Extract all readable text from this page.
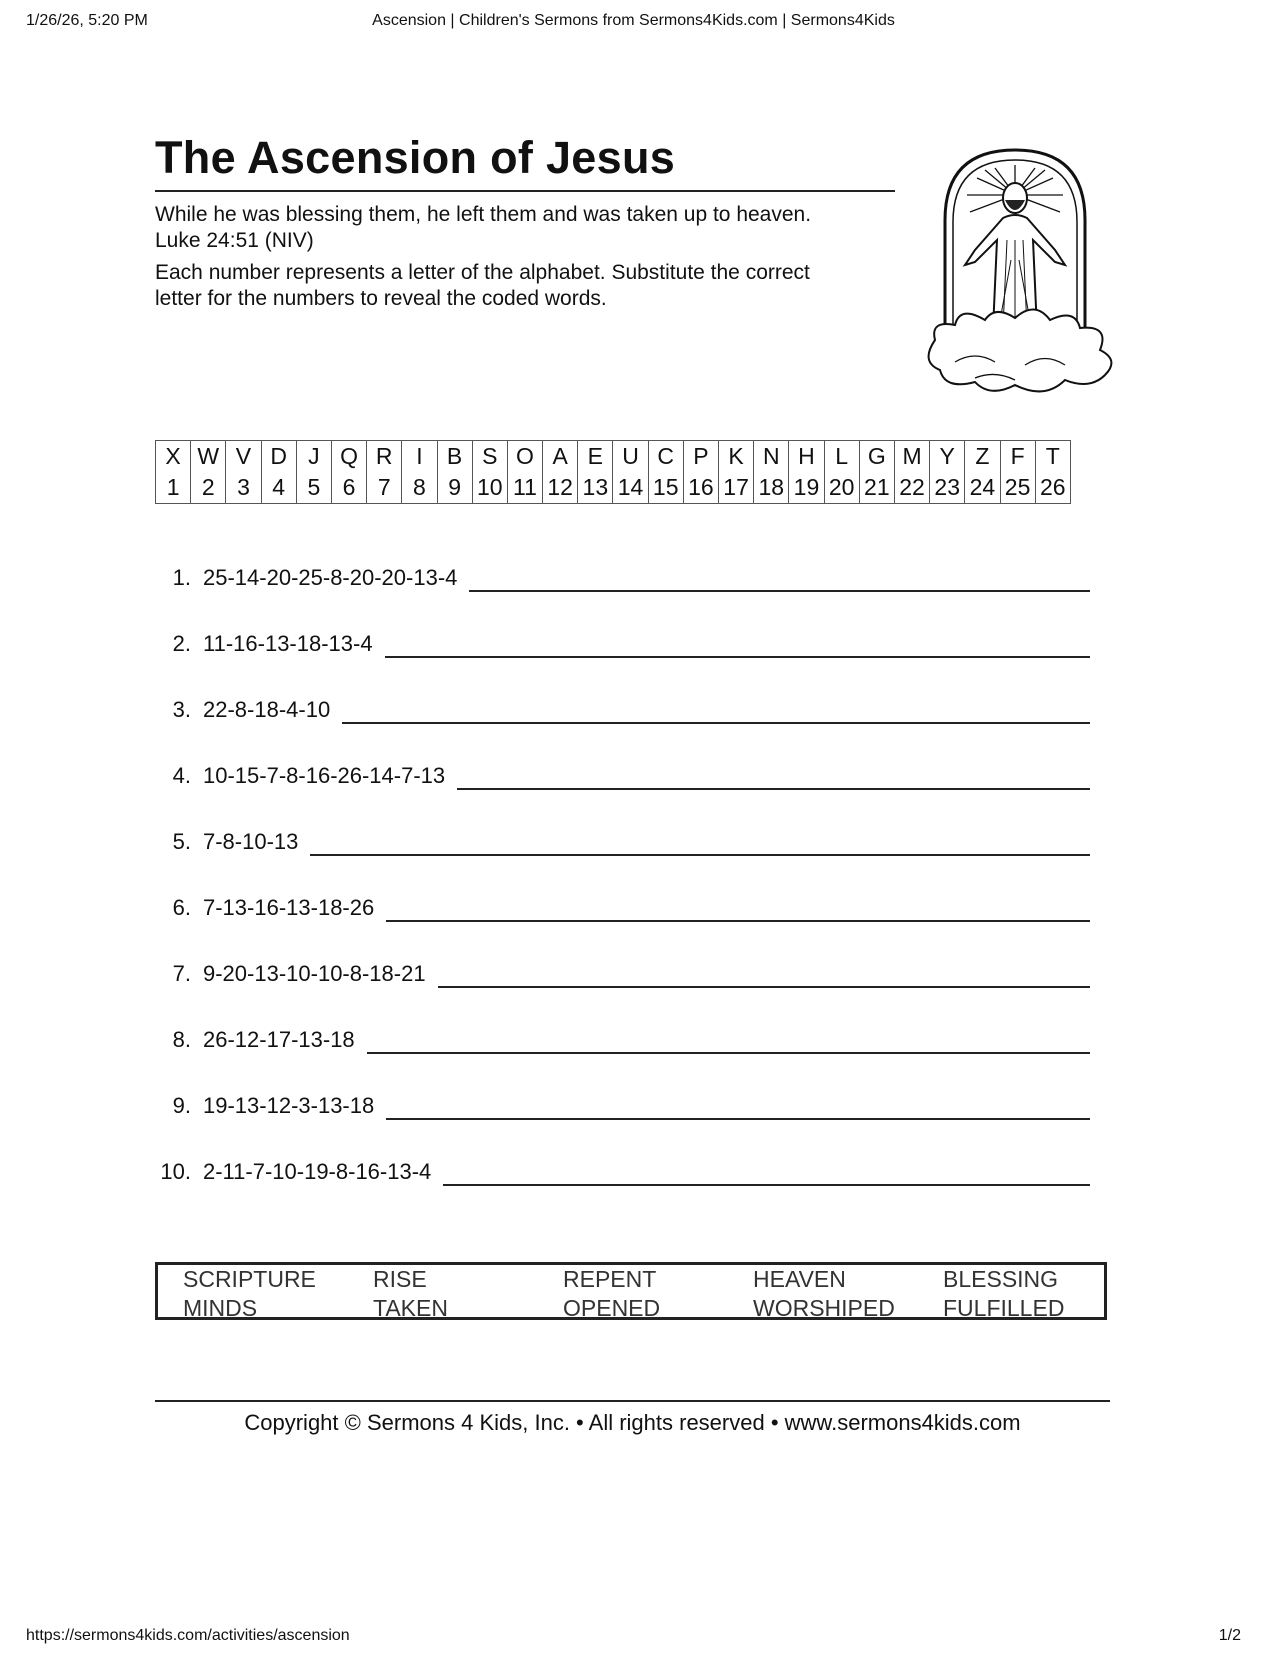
1/26/26, 5:20 PM	Ascension | Children's Sermons from Sermons4Kids.com | Sermons4Kids
The Ascension of Jesus
While he was blessing them, he left them and was taken up to heaven.
Luke 24:51 (NIV)
Each number represents a letter of the alphabet. Substitute the correct
letter for the numbers to reveal the coded words.
X	W	V	D	J	Q	R	I	B	S	O	A	E	U	C	P	K	N	H	L	G	M	Y	Z	F	T
1	2	3	4	5	6	7	8	9	10	11	12	13	14	15	16	17	18	19	20	21	22	23	24	25	26
1. 25-14-20-25-8-20-20-13-4
2. 11-16-13-18-13-4
3. 22-8-18-4-10
4. 10-15-7-8-16-26-14-7-13
5. 7-8-10-13
6. 7-13-16-13-18-26
7. 9-20-13-10-10-8-18-21
8. 26-12-17-13-18
9. 19-13-12-3-13-18
10. 2-11-7-10-19-8-16-13-4
SCRIPTURE	RISE	REPENT	HEAVEN	BLESSING
MINDS	TAKEN	OPENED	WORSHIPED	FULFILLED
Copyright © Sermons 4 Kids, Inc. • All rights reserved • www.sermons4kids.com
https://sermons4kids.com/activities/ascension	1/2
